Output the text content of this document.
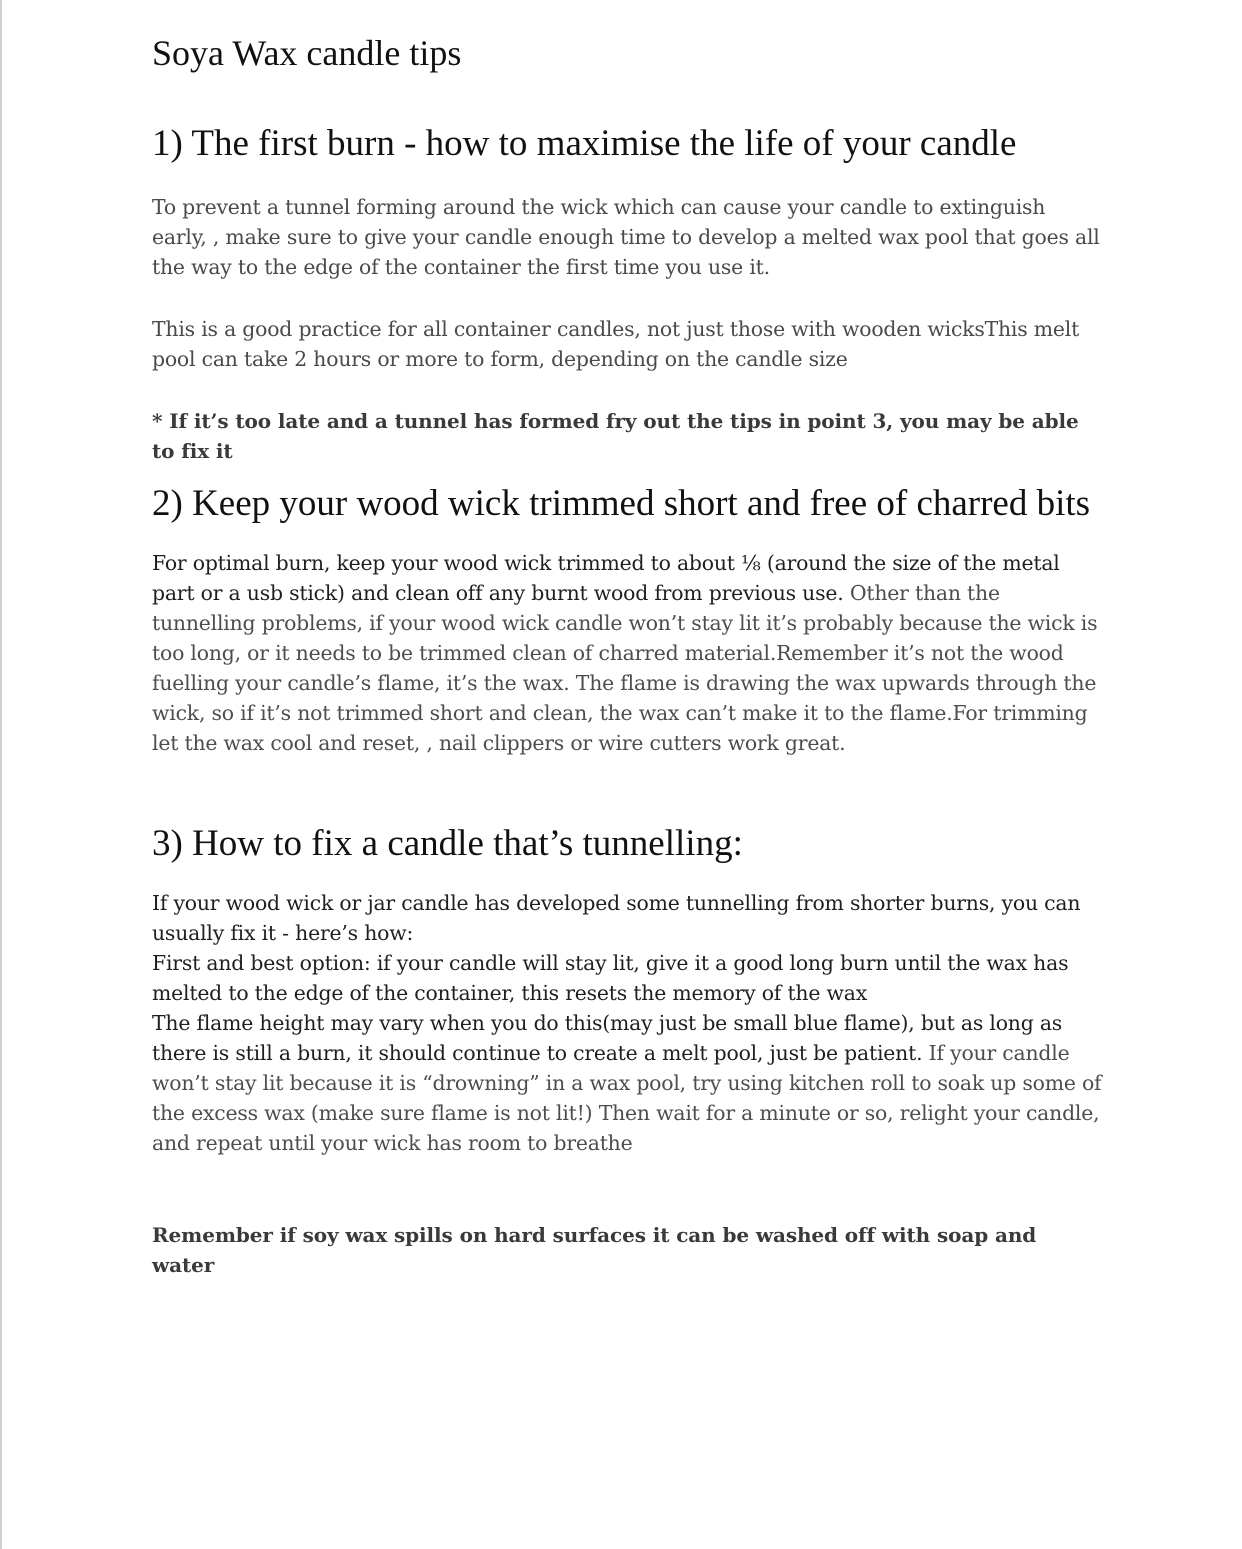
Soya Wax candle tips
1) The first burn - how to maximise the life of your candle

To prevent a tunnel forming around the wick which can cause your candle to extinguish early, , make sure to give your candle enough time to develop a melted wax pool that goes all the way to the edge of the container the first time you use it.

This is a good practice for all container candles, not just those with wooden wicksThis melt pool can take 2 hours or more to form, depending on the candle size

* If it’s too late and a tunnel has formed fry out the tips in point 3, you may be able to fix it

2) Keep your wood wick trimmed short and free of charred bits

For optimal burn, keep your wood wick trimmed to about ⅛ (around the size of the metal part or a usb stick) and clean off any burnt wood from previous use. Other than the tunnelling problems, if your wood wick candle won’t stay lit it’s probably because the wick is too long, or it needs to be trimmed clean of charred material.Remember it’s not the wood fuelling your candle’s flame, it’s the wax. The flame is drawing the wax upwards through the wick, so if it’s not trimmed short and clean, the wax can’t make it to the flame.For trimming let the wax cool and reset, , nail clippers or wire cutters work great.

3) How to fix a candle that’s tunnelling:

If your wood wick or jar candle has developed some tunnelling from shorter burns, you can usually fix it - here’s how:

First and best option: if your candle will stay lit, give it a good long burn until the wax has melted to the edge of the container, this resets the memory of the wax

The flame height may vary when you do this(may just be small blue flame), but as long as there is still a burn, it should continue to create a melt pool, just be patient. If your candle won’t stay lit because it is “drowning” in a wax pool, try using kitchen roll to soak up some of the excess wax (make sure flame is not lit!) Then wait for a minute or so, relight your candle, and repeat until your wick has room to breathe

Remember if soy wax spills on hard surfaces it can be washed off with soap and water
